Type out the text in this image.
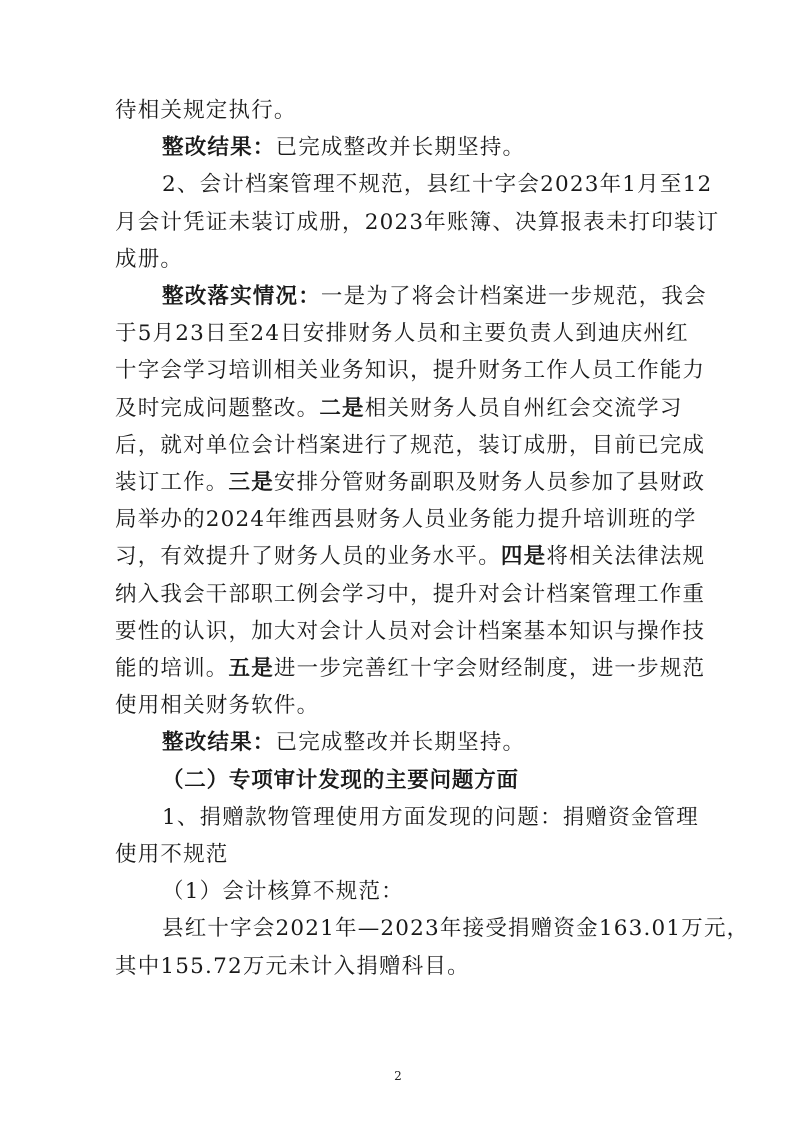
待相关规定执行。
整改结果：已完成整改并长期坚持。
2、会计档案管理不规范，县红十字会2023年1月至12
月会计凭证未装订成册，2023年账簿、决算报表未打印装订
成册。
整改落实情况：一是为了将会计档案进一步规范，我会
于5月23日至24日安排财务人员和主要负责人到迪庆州红
十字会学习培训相关业务知识，提升财务工作人员工作能力
及时完成问题整改。二是相关财务人员自州红会交流学习
后，就对单位会计档案进行了规范，装订成册，目前已完成
装订工作。三是安排分管财务副职及财务人员参加了县财政
局举办的2024年维西县财务人员业务能力提升培训班的学
习，有效提升了财务人员的业务水平。四是将相关法律法规
纳入我会干部职工例会学习中，提升对会计档案管理工作重
要性的认识，加大对会计人员对会计档案基本知识与操作技
能的培训。五是进一步完善红十字会财经制度，进一步规范
使用相关财务软件。
整改结果：已完成整改并长期坚持。
（二）专项审计发现的主要问题方面
1、捐赠款物管理使用方面发现的问题：捐赠资金管理
使用不规范
（1）会计核算不规范：
县红十字会2021年—2023年接受捐赠资金163.01万元，
其中155.72万元未计入捐赠科目。
2
